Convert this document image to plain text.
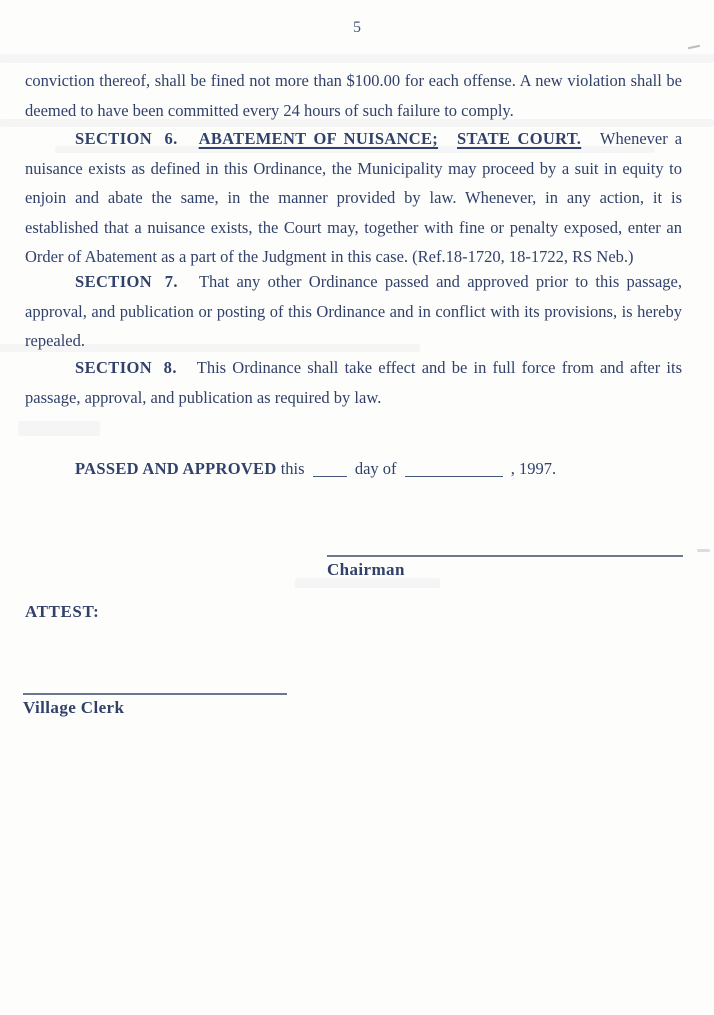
5

conviction thereof, shall be fined not more than $100.00 for each offense. A new violation shall be deemed to have been committed every 24 hours of such failure to comply.

SECTION 6. ABATEMENT OF NUISANCE; STATE COURT. Whenever a nuisance exists as defined in this Ordinance, the Municipality may proceed by a suit in equity to enjoin and abate the same, in the manner provided by law. Whenever, in any action, it is established that a nuisance exists, the Court may, together with fine or penalty exposed, enter an Order of Abatement as a part of the Judgment in this case. (Ref.18-1720, 18-1722, RS Neb.)

SECTION 7. That any other Ordinance passed and approved prior to this passage, approval, and publication or posting of this Ordinance and in conflict with its provisions, is hereby repealed.

SECTION 8. This Ordinance shall take effect and be in full force from and after its passage, approval, and publication as required by law.

PASSED AND APPROVED this	day of	, 1997.

Chairman
ATTEST:
Village Clerk
